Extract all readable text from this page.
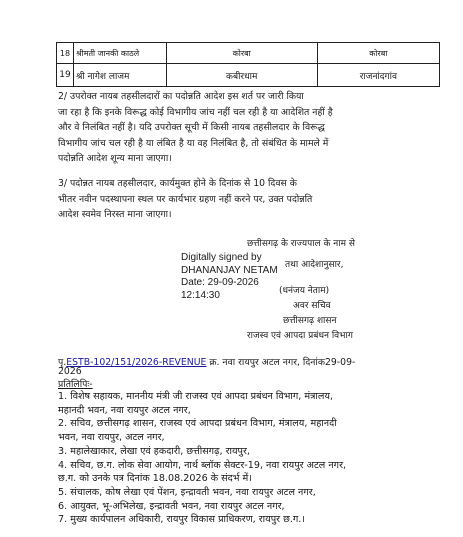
18	श्रीमती जानकी काठले	कोरबा	कोरबा
19	श्री नागेश लाजम	कबीरधाम	राजनांदगांव
2/ उपरोक्त नायब तहसीलदारों का पदोन्नति आदेश इस शर्त पर जारी किया
जा रहा है कि इनके विरूद्ध कोई विभागीय जांच नहीं चल रही है या आदेशित नहीं है
और वे निलंबित नहीं है। यदि उपरोक्त सूची में किसी नायब तहसीलदार के विरूद्ध
विभागीय जांच चल रही है या लंबित है या वह निलंबित है, तो संबंधित के मामले में
पदोन्नति आदेश शून्य माना जाएगा।
3/ पदोन्नत नायब तहसीलदार, कार्यमुक्त होने के दिनांक से 10 दिवस के
भीतर नवीन पदस्थापना स्थल पर कार्यभार ग्रहण नहीं करने पर, उक्त पदोन्नति
आदेश स्वमेव निरस्त माना जाएगा।
छत्तीसगढ़ के राज्यपाल के नाम से
Digitally signed by
DHANANJAY NETAM
Date: 29-09-2026
12:14:30
तथा आदेशानुसार,
(धनंजय नेताम)
अवर सचिव
छत्तीसगढ़ शासन
राजस्व एवं आपदा प्रबंधन विभाग
पृ.ESTB-102/151/2026-REVENUE क्र. नवा रायपुर अटल नगर, दिनांक29-09-
2026
प्रतिलिपिः-
1. विशेष सहायक, माननीय मंत्री जी राजस्व एवं आपदा प्रबंधन विभाग, मंत्रालय,
महानदी भवन, नवा रायपुर अटल नगर,
2. सचिव, छत्तीसगढ़ शासन, राजस्व एवं आपदा प्रबंधन विभाग, मंत्रालय, महानदी
भवन, नवा रायपुर, अटल नगर,
3. महालेखाकार, लेखा एवं हकदारी, छत्तीसगढ़, रायपुर,
4. सचिव, छ.ग. लोक सेवा आयोग, नार्थ ब्लॉक सेक्टर-19, नवा रायपुर अटल नगर,
छ.ग. को उनके पत्र दिनांक 18.08.2026 के संदर्भ में।
5. संचालक, कोष लेखा एवं पेंशन, इन्द्रावती भवन, नवा रायपुर अटल नगर,
6. आयुक्त, भू-अभिलेख, इन्द्रावती भवन, नवा रायपुर अटल नगर,
7. मुख्य कार्यपालन अधिकारी, रायपुर विकास प्राधिकरण, रायपुर छ.ग.।
